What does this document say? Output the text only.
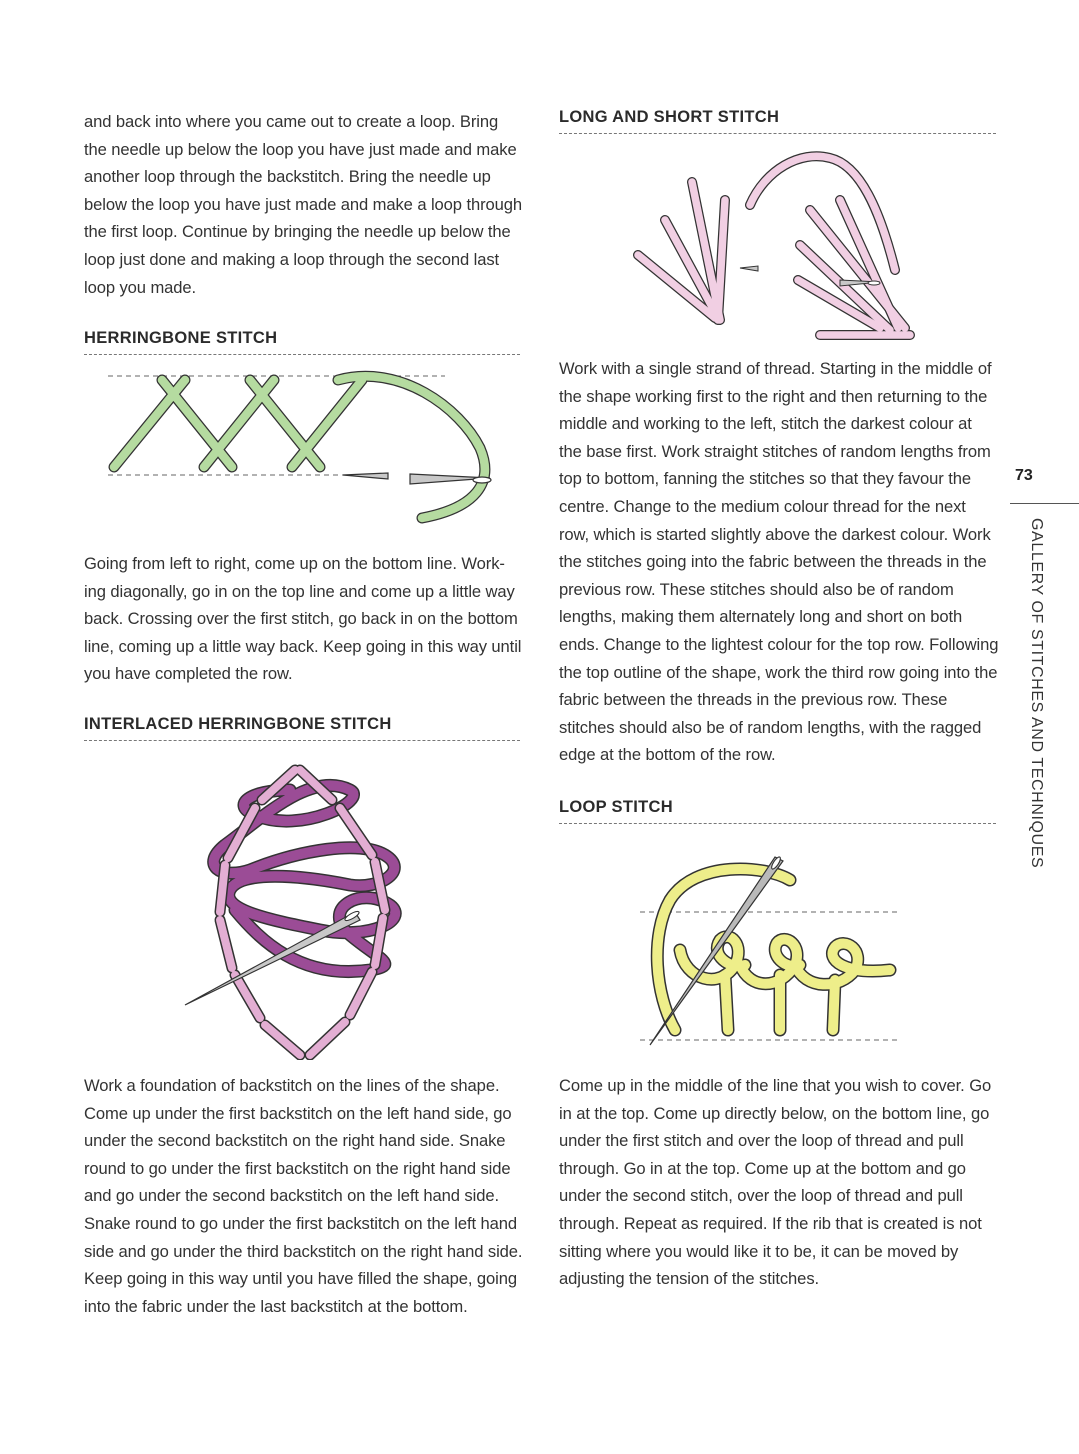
and back into where you came out to create a loop. Bring the needle up below the loop you have just made and make another loop through the backstitch. Bring the needle up below the loop you have just made and make a loop through the first loop. Continue by bringing the needle up below the loop just done and making a loop through the second last loop you made.

HERRINGBONE STITCH

Going from left to right, come up on the bottom line. Work-ing diagonally, go in on the top line and come up a little way back. Crossing over the first stitch, go back in on the bottom line, coming up a little way back. Keep going in this way until you have completed the row.

INTERLACED HERRINGBONE STITCH

Work a foundation of backstitch on the lines of the shape. Come up under the first backstitch on the left hand side, go under the second backstitch on the right hand side. Snake round to go under the first backstitch on the right hand side and go under the second backstitch on the left hand side. Snake round to go under the first backstitch on the left hand side and go under the third backstitch on the right hand side. Keep going in this way until you have filled the shape, going into the fabric under the last backstitch at the bottom.

LONG AND SHORT STITCH

Work with a single strand of thread. Starting in the middle of the shape working first to the right and then returning to the middle and working to the left, stitch the darkest colour at the base first. Work straight stitches of random lengths from top to bottom, fanning the stitches so that they favour the centre. Change to the medium colour thread for the next row, which is started slightly above the darkest colour. Work the stitches going into the fabric between the threads in the previous row. These stitches should also be of random lengths, making them alternately long and short on both ends. Change to the lightest colour for the top row. Following the top outline of the shape, work the third row going into the fabric between the threads in the previous row. These stitches should also be of random lengths, with the ragged edge at the bottom of the row.

LOOP STITCH

Come up in the middle of the line that you wish to cover. Go in at the top. Come up directly below, on the bottom line, go under the first stitch and over the loop of thread and pull through. Go in at the top. Come up at the bottom and go under the second stitch, over the loop of thread and pull through. Repeat as required. If the rib that is created is not sitting where you would like it to be, it can be moved by adjusting the tension of the stitches.

73
GALLERY OF STITCHES AND TECHNIQUES
